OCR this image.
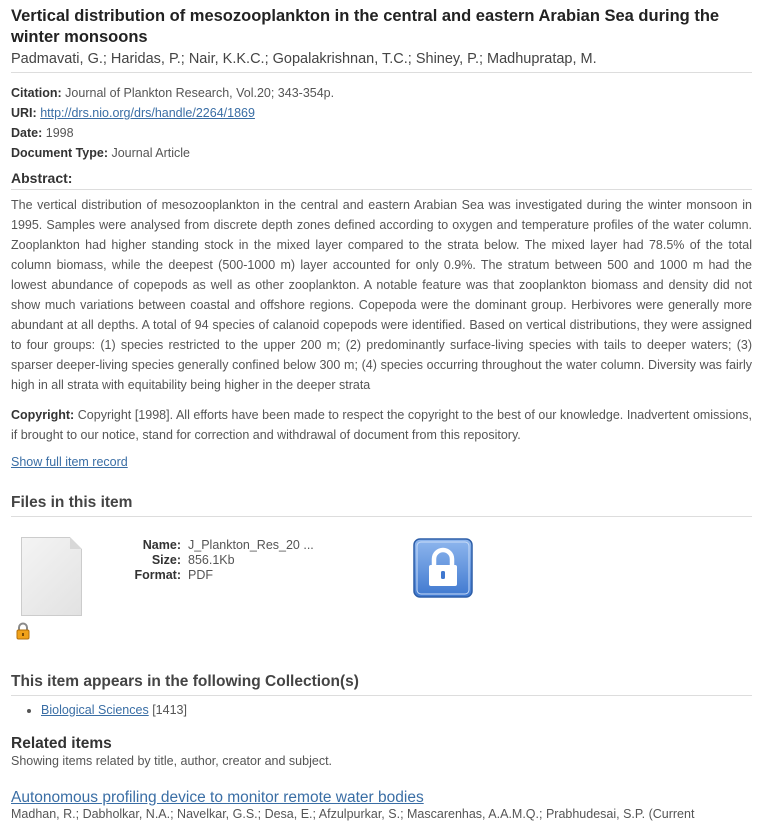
Vertical distribution of mesozooplankton in the central and eastern Arabian Sea during the winter monsoons
Padmavati, G.; Haridas, P.; Nair, K.K.C.; Gopalakrishnan, T.C.; Shiney, P.; Madhupratap, M.
Citation: Journal of Plankton Research, Vol.20; 343-354p.
URI: http://drs.nio.org/drs/handle/2264/1869
Date: 1998
Document Type: Journal Article
Abstract:
The vertical distribution of mesozooplankton in the central and eastern Arabian Sea was investigated during the winter monsoon in 1995. Samples were analysed from discrete depth zones defined according to oxygen and temperature profiles of the water column. Zooplankton had higher standing stock in the mixed layer compared to the strata below. The mixed layer had 78.5% of the total column biomass, while the deepest (500-1000 m) layer accounted for only 0.9%. The stratum between 500 and 1000 m had the lowest abundance of copepods as well as other zooplankton. A notable feature was that zooplankton biomass and density did not show much variations between coastal and offshore regions. Copepoda were the dominant group. Herbivores were generally more abundant at all depths. A total of 94 species of calanoid copepods were identified. Based on vertical distributions, they were assigned to four groups: (1) species restricted to the upper 200 m; (2) predominantly surface-living species with tails to deeper waters; (3) sparser deeper-living species generally confined below 300 m; (4) species occurring throughout the water column. Diversity was fairly high in all strata with equitability being higher in the deeper strata
Copyright: Copyright [1998]. All efforts have been made to respect the copyright to the best of our knowledge. Inadvertent omissions, if brought to our notice, stand for correction and withdrawal of document from this repository.
Show full item record
Files in this item
Name: J_Plankton_Res_20 ...
Size: 856.1Kb
Format: PDF
This item appears in the following Collection(s)
• Biological Sciences [1413]
Related items
Showing items related by title, author, creator and subject.
Autonomous profiling device to monitor remote water bodies
Madhan, R.; Dabholkar, N.A.; Navelkar, G.S.; Desa, E.; Afzulpurkar, S.; Mascarenhas, A.A.M.Q.; Prabhudesai, S.P. (Current
